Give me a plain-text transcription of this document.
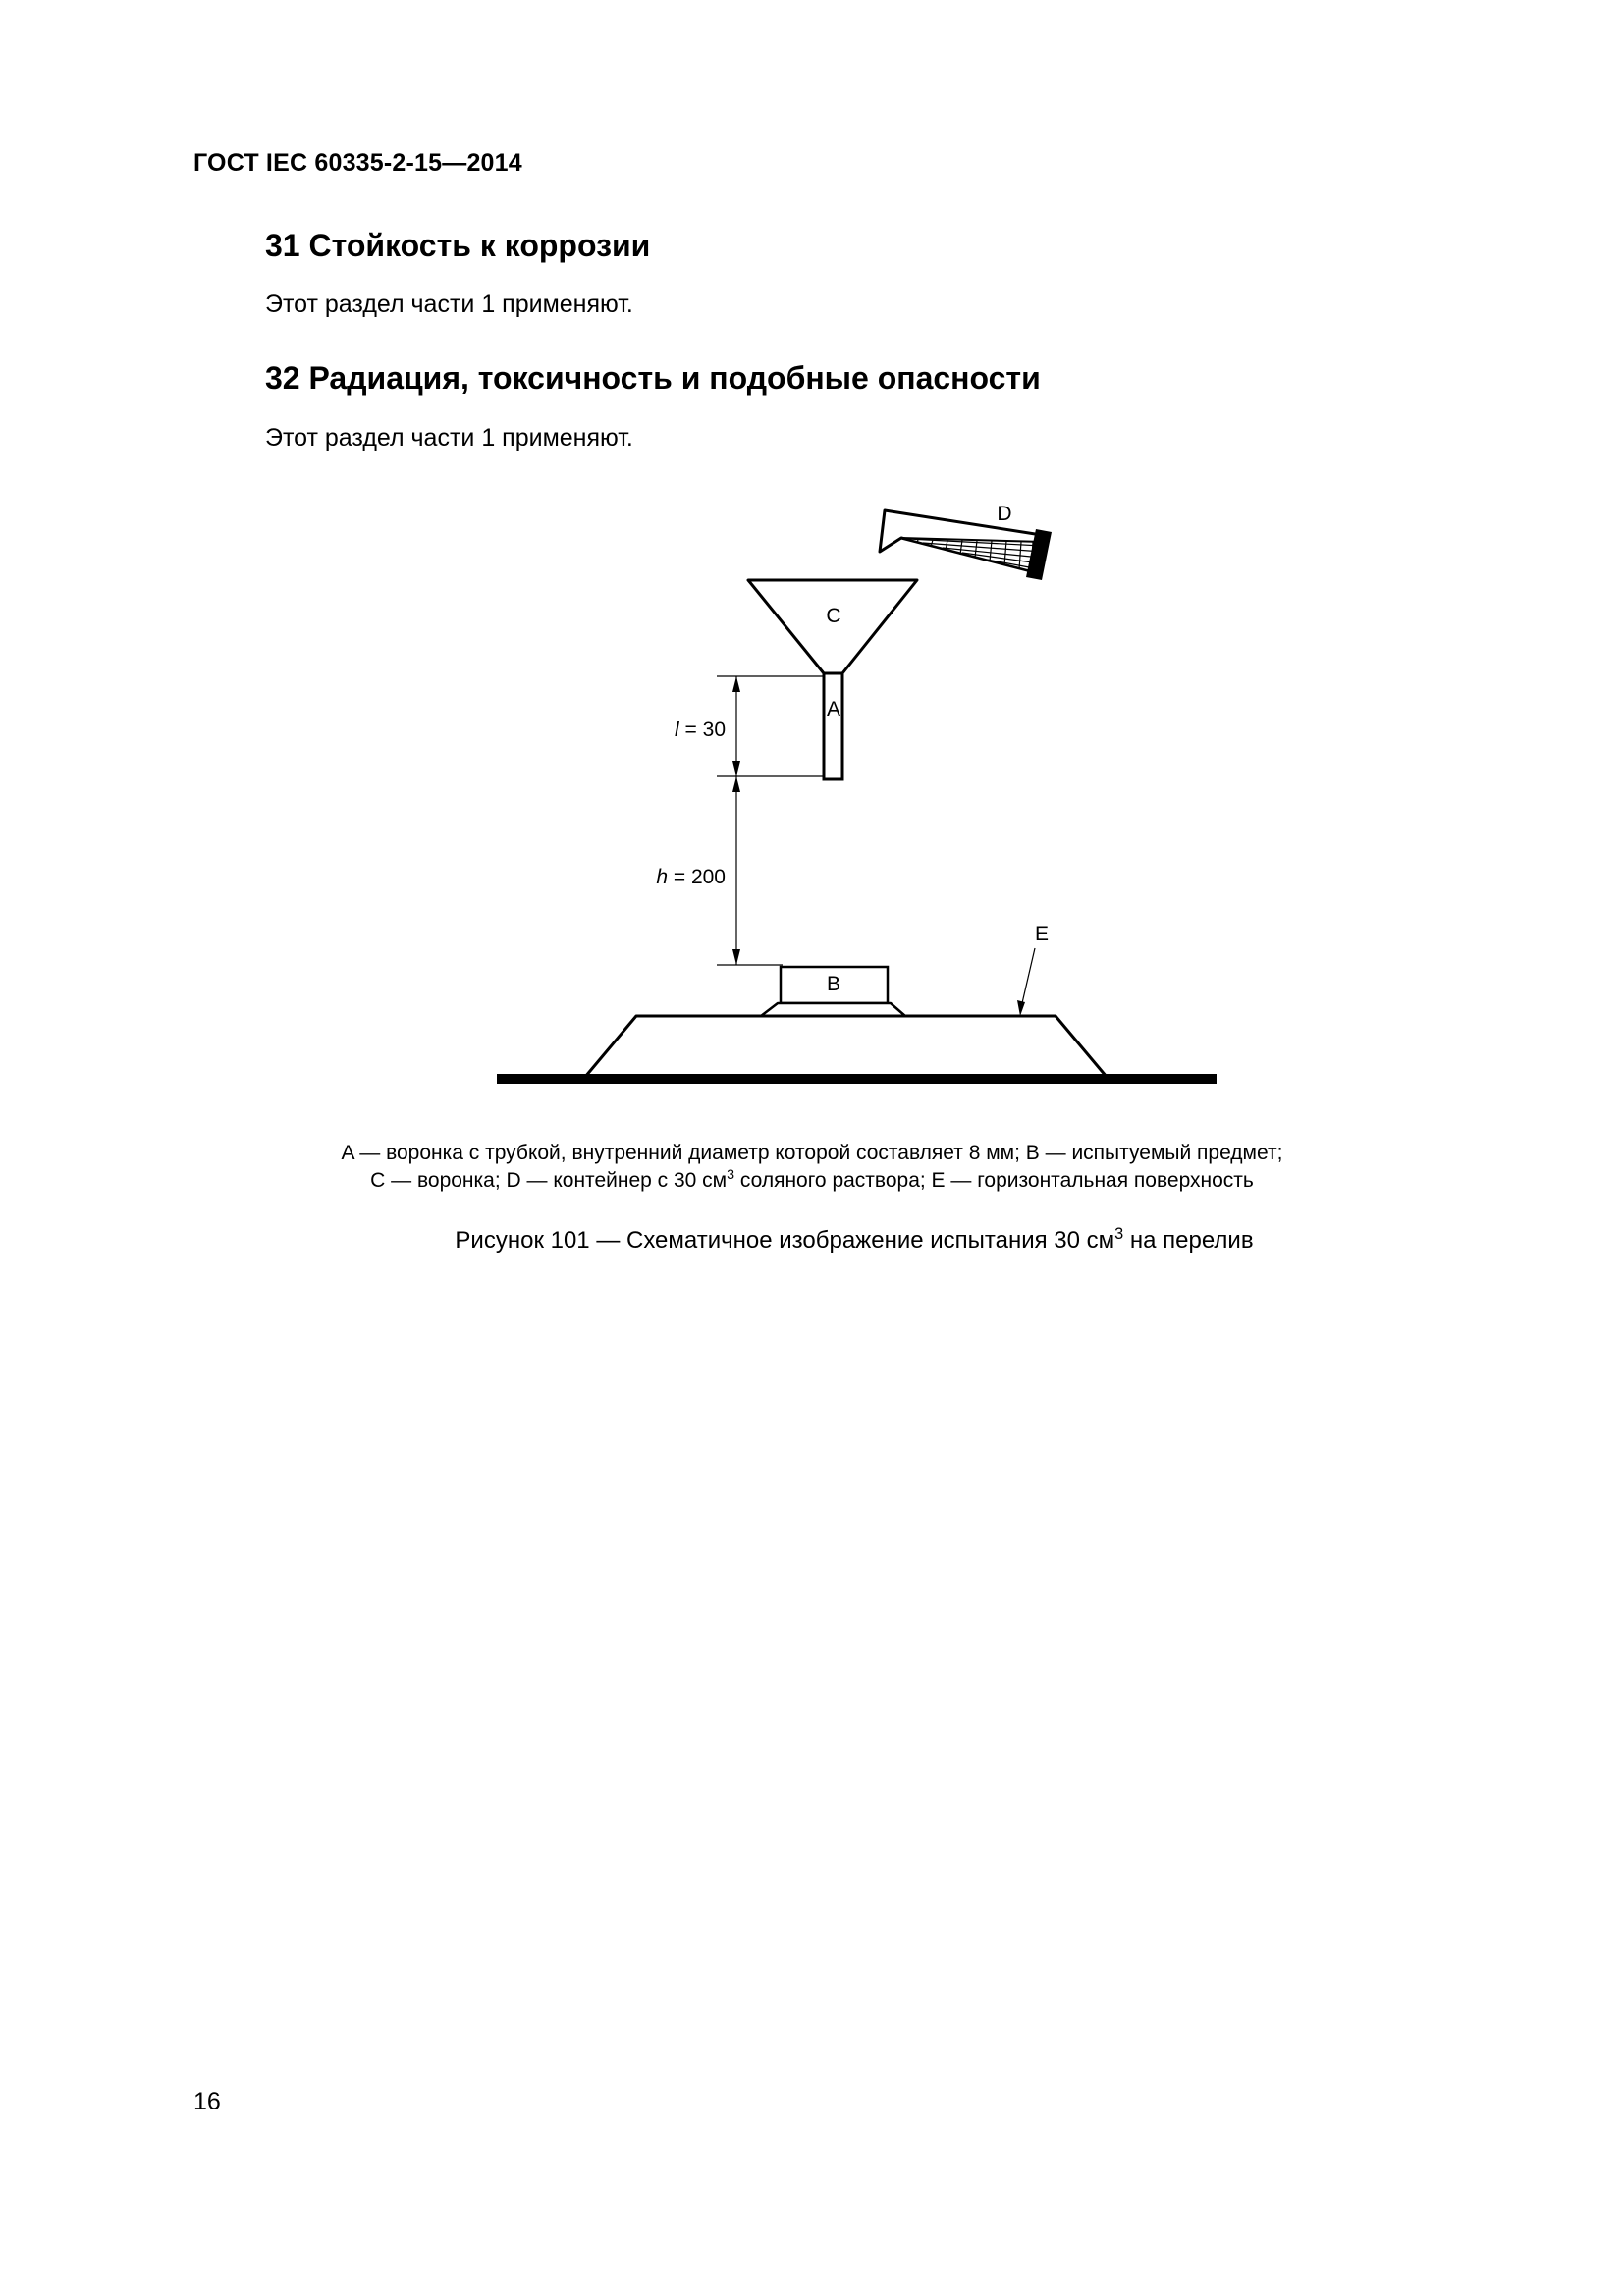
ГОСТ IEC 60335-2-15—2014
31 Стойкость к коррозии
Этот раздел части 1 применяют.
32 Радиация, токсичность и подобные опасности
Этот раздел части 1 применяют.
D
C
A
l = 30
h = 200
B
E
A — воронка с трубкой, внутренний диаметр которой составляет 8 мм; B — испытуемый предмет;
C — воронка; D — контейнер с 30 $см^3$ соляного раствора; E — горизонтальная поверхность
Рисунок 101 — Схематичное изображение испытания 30 $см^3$ на перелив
16
